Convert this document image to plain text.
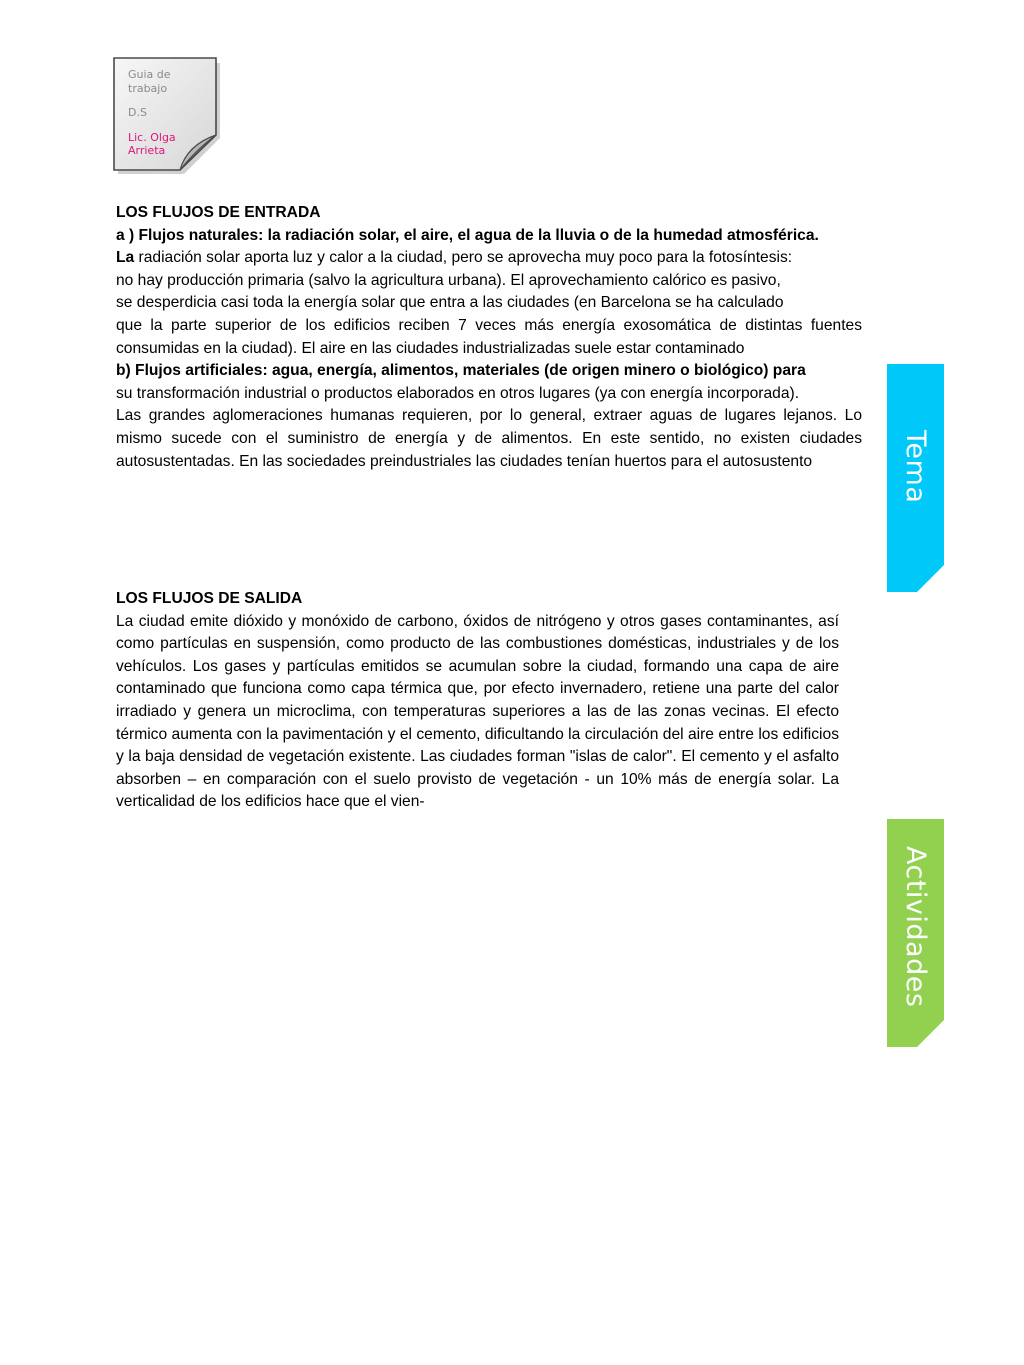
Guia de trabajo
D.S
Lic. Olga Arrieta

LOS FLUJOS DE ENTRADA

a ) Flujos naturales: la radiación solar, el aire, el agua de la lluvia o de la humedad atmosférica.

La radiación solar aporta luz y calor a la ciudad, pero se aprovecha muy poco para la fotosíntesis:

no hay producción primaria (salvo la agricultura urbana). El aprovechamiento calórico es pasivo,

se desperdicia casi toda la energía solar que entra a las ciudades (en Barcelona se ha calculado

que la parte superior de los edificios reciben 7 veces más energía exosomática de distintas fuentes consumidas en la ciudad). El aire en las ciudades industrializadas suele estar contaminado

b) Flujos artificiales: agua, energía, alimentos, materiales (de origen minero o biológico) para

su transformación industrial o productos elaborados en otros lugares (ya con energía incorporada).

Las grandes aglomeraciones humanas requieren, por lo general, extraer aguas de lugares lejanos. Lo mismo sucede con el suministro de energía y de alimentos. En este sentido, no existen ciudades autosustentadas. En las sociedades preindustriales las ciudades tenían huertos para el autosustento

LOS FLUJOS DE SALIDA

La ciudad emite dióxido y monóxido de carbono, óxidos de nitrógeno y otros gases contaminantes, así como partículas en suspensión, como producto de las combustiones domésticas, industriales y de los vehículos. Los gases y partículas emitidos se acumulan sobre la ciudad, formando una capa de aire contaminado que funciona como capa térmica que, por efecto invernadero, retiene una parte del calor irradiado y genera un microclima, con temperaturas superiores a las de las zonas vecinas. El efecto térmico aumenta con la pavimentación y el cemento, dificultando la circulación del aire entre los edificios y la baja densidad de vegetación existente. Las ciudades forman "islas de calor". El cemento y el asfalto absorben – en comparación con el suelo provisto de vegetación - un 10% más de energía solar. La verticalidad de los edificios hace que el vien-

Tema
Actividades
